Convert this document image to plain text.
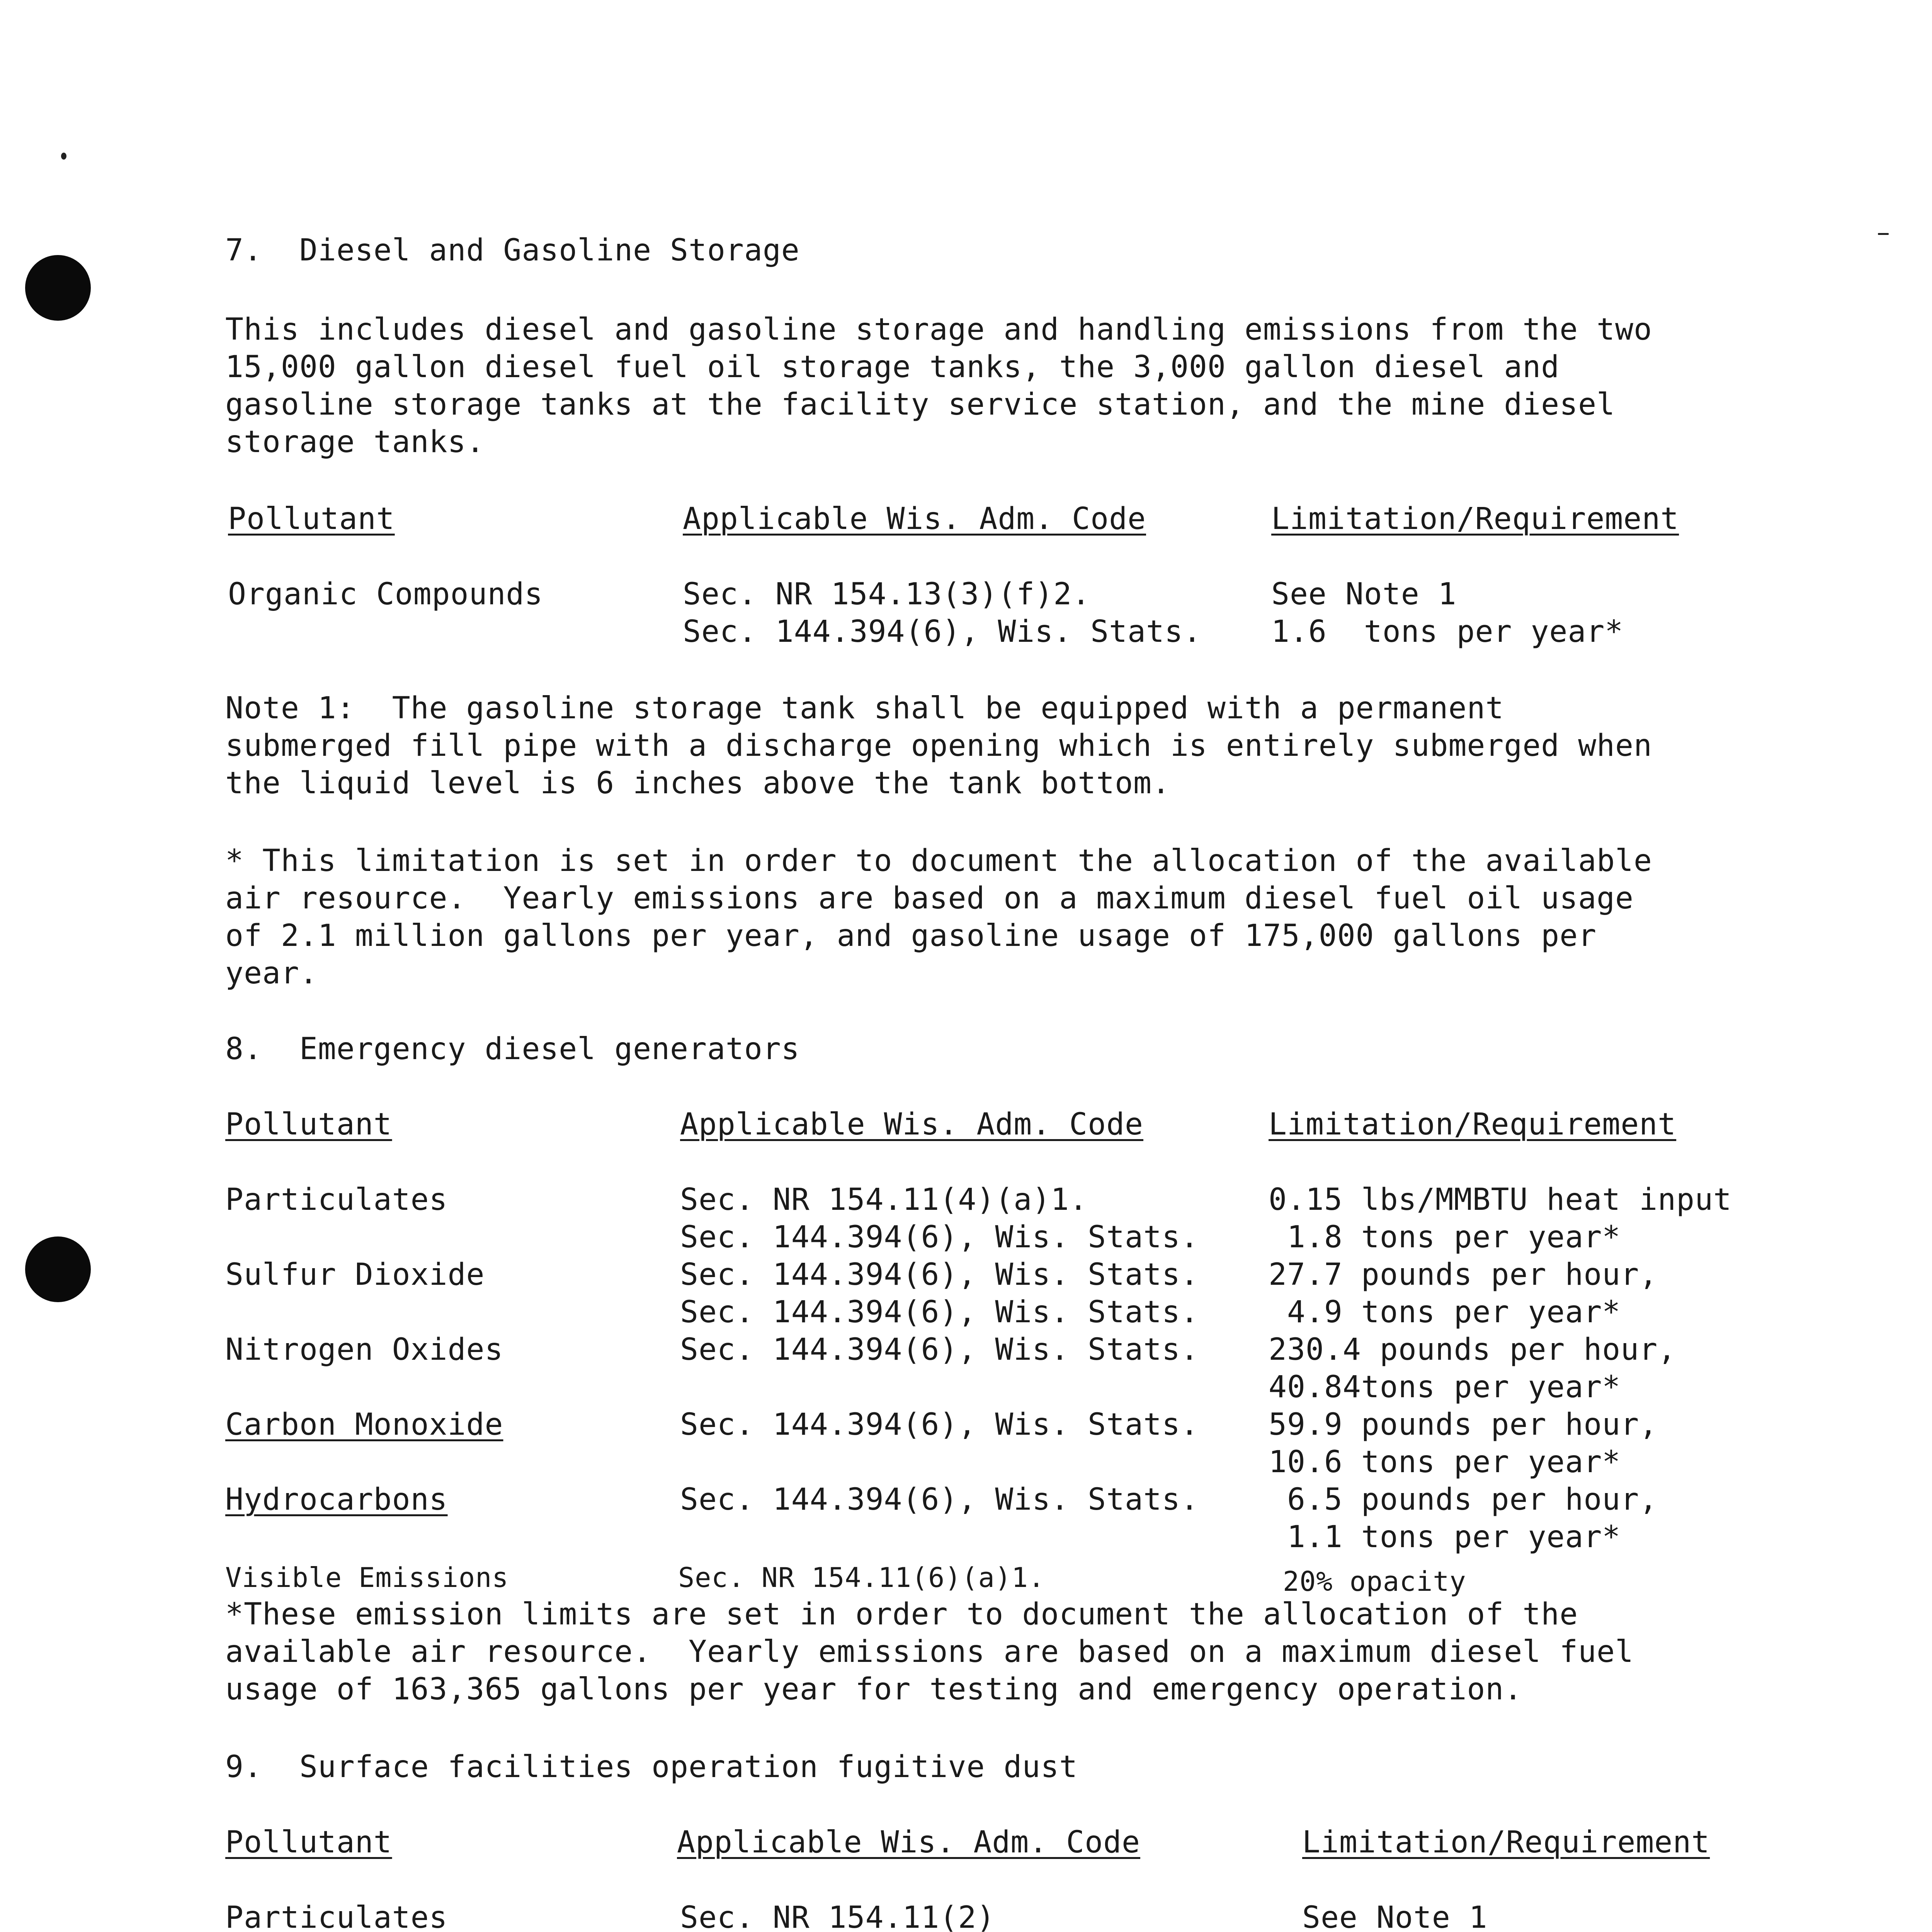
7.  Diesel and Gasoline Storage
This includes diesel and gasoline storage and handling emissions from the two
15,000 gallon diesel fuel oil storage tanks, the 3,000 gallon diesel and
gasoline storage tanks at the facility service station, and the mine diesel
storage tanks.
Pollutant	Applicable Wis. Adm. Code	Limitation/Requirement
Organic Compounds	Sec. NR 154.13(3)(f)2.	See Note 1
Sec. 144.394(6), Wis. Stats. 1.6  tons per year*
Note 1:  The gasoline storage tank shall be equipped with a permanent
submerged fill pipe with a discharge opening which is entirely submerged when
the liquid level is 6 inches above the tank bottom.
* This limitation is set in order to document the allocation of the available
air resource.  Yearly emissions are based on a maximum diesel fuel oil usage
of 2.1 million gallons per year, and gasoline usage of 175,000 gallons per
year.
8.  Emergency diesel generators
Pollutant	Applicable Wis. Adm. Code	Limitation/Requirement
Particulates	Sec. NR 154.11(4)(a)1.	0.15 lbs/MMBTU heat input
Sec. 144.394(6), Wis. Stats. 1.8 tons per year*
Sulfur Dioxide	Sec. 144.394(6), Wis. Stats. 27.7 pounds per hour,
Sec. 144.394(6), Wis. Stats. 4.9 tons per year*
Nitrogen Oxides	Sec. 144.394(6), Wis. Stats. 230.4 pounds per hour,
40.84tons per year*
Carbon Monoxide	Sec. 144.394(6), Wis. Stats. 59.9 pounds per hour,
10.6 tons per year*
Hydrocarbons	Sec. 144.394(6), Wis. Stats. 6.5 pounds per hour,
1.1 tons per year*
Visible Emissions	Sec. NR 154.11(6)(a)1.	20% opacity
*These emission limits are set in order to document the allocation of the
available air resource.  Yearly emissions are based on a maximum diesel fuel
usage of 163,365 gallons per year for testing and emergency operation.
9.  Surface facilities operation fugitive dust
Pollutant	Applicable Wis. Adm. Code	Limitation/Requirement
Particulates	Sec. NR 154.11(2)	See Note 1
